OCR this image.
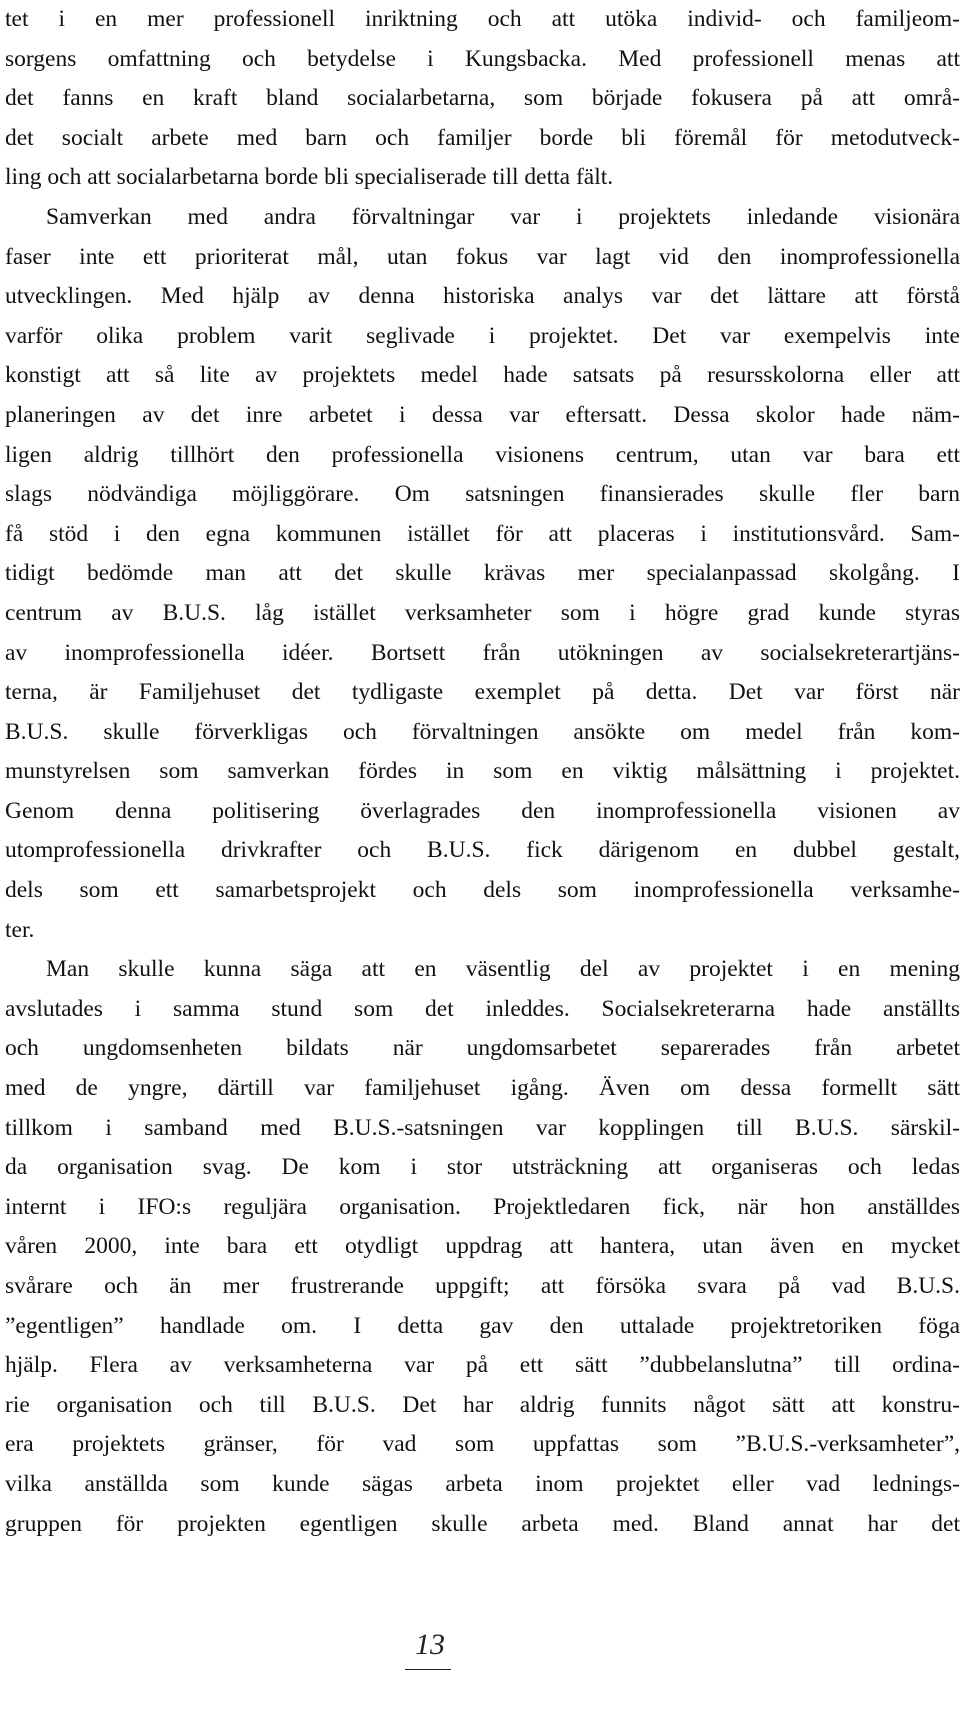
tet i en mer professionell inriktning och att utöka individ- och familjeom-
sorgens omfattning och betydelse i Kungsbacka. Med professionell menas att
det fanns en kraft bland socialarbetarna, som började fokusera på att områ-
det socialt arbete med barn och familjer borde bli föremål för metodutveck-
ling och att socialarbetarna borde bli specialiserade till detta fält.
Samverkan med andra förvaltningar var i projektets inledande visionära
faser inte ett prioriterat mål, utan fokus var lagt vid den inomprofessionella
utvecklingen. Med hjälp av denna historiska analys var det lättare att förstå
varför olika problem varit seglivade i projektet. Det var exempelvis inte
konstigt att så lite av projektets medel hade satsats på resursskolorna eller att
planeringen av det inre arbetet i dessa var eftersatt. Dessa skolor hade näm-
ligen aldrig tillhört den professionella visionens centrum, utan var bara ett
slags nödvändiga möjliggörare. Om satsningen finansierades skulle fler barn
få stöd i den egna kommunen istället för att placeras i institutionsvård. Sam-
tidigt bedömde man att det skulle krävas mer specialanpassad skolgång. I
centrum av B.U.S. låg istället verksamheter som i högre grad kunde styras
av inomprofessionella idéer. Bortsett från utökningen av socialsekreterartjäns-
terna, är Familjehuset det tydligaste exemplet på detta. Det var först när
B.U.S. skulle förverkligas och förvaltningen ansökte om medel från kom-
munstyrelsen som samverkan fördes in som en viktig målsättning i projektet.
Genom denna politisering överlagrades den inomprofessionella visionen av
utomprofessionella drivkrafter och B.U.S. fick därigenom en dubbel gestalt,
dels som ett samarbetsprojekt och dels som inomprofessionella verksamhe-
ter.
Man skulle kunna säga att en väsentlig del av projektet i en mening
avslutades i samma stund som det inleddes. Socialsekreterarna hade anställts
och ungdomsenheten bildats när ungdomsarbetet separerades från arbetet
med de yngre, därtill var familjehuset igång. Även om dessa formellt sätt
tillkom i samband med B.U.S.-satsningen var kopplingen till B.U.S. särskil-
da organisation svag. De kom i stor utsträckning att organiseras och ledas
internt i IFO:s reguljära organisation. Projektledaren fick, när hon anställdes
våren 2000, inte bara ett otydligt uppdrag att hantera, utan även en mycket
svårare och än mer frustrerande uppgift; att försöka svara på vad B.U.S.
”egentligen” handlade om. I detta gav den uttalade projektretoriken föga
hjälp. Flera av verksamheterna var på ett sätt ”dubbelanslutna” till ordina-
rie organisation och till B.U.S. Det har aldrig funnits något sätt att konstru-
era projektets gränser, för vad som uppfattas som ”B.U.S.-verksamheter”,
vilka anställda som kunde sägas arbeta inom projektet eller vad lednings-
gruppen för projekten egentligen skulle arbeta med. Bland annat har det
13
